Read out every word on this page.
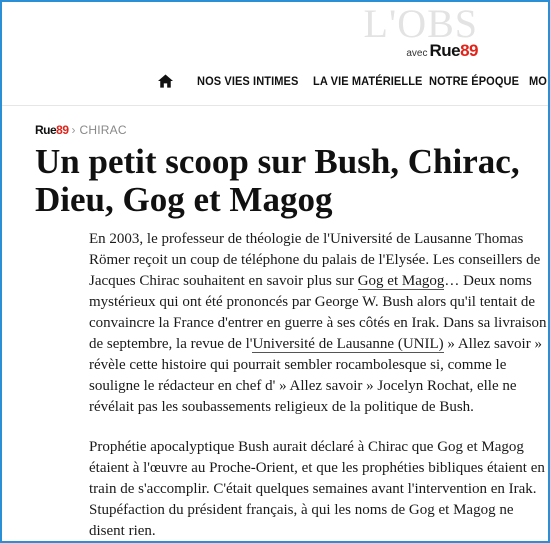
L'OBS
avec Rue89
NOS VIES INTIMES LA VIE MATÉRIELLE NOTRE ÉPOQUE MO
Rue89 › CHIRAC
Un petit scoop sur Bush, Chirac, Dieu, Gog et Magog

En 2003, le professeur de théologie de l'Université de Lausanne Thomas Römer reçoit un coup de téléphone du palais de l'Elysée. Les conseillers de Jacques Chirac souhaitent en savoir plus sur Gog et Magog… Deux noms mystérieux qui ont été prononcés par George W. Bush alors qu'il tentait de convaincre la France d'entrer en guerre à ses côtés en Irak. Dans sa livraison de septembre, la revue de l'Université de Lausanne (UNIL) » Allez savoir » révèle cette histoire qui pourrait sembler rocambolesque si, comme le souligne le rédacteur en chef d' » Allez savoir » Jocelyn Rochat, elle ne révélait pas les soubassements religieux de la politique de Bush.

Prophétie apocalyptique Bush aurait déclaré à Chirac que Gog et Magog étaient à l'œuvre au Proche-Orient, et que les prophéties bibliques étaient en train de s'accomplir. C'était quelques semaines avant l'intervention en Irak. Stupéfaction du président français, à qui les noms de Gog et Magog ne disent rien.
